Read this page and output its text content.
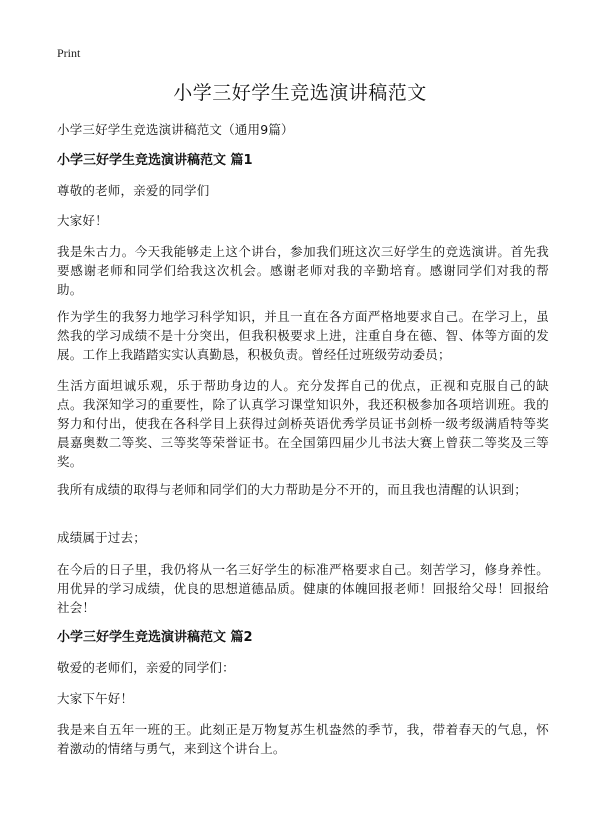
Print
小学三好学生竞选演讲稿范文
小学三好学生竞选演讲稿范文（通用9篇）
小学三好学生竞选演讲稿范文 篇1
尊敬的老师，亲爱的同学们
大家好！
我是朱古力。今天我能够走上这个讲台，参加我们班这次三好学生的竞选演讲。首先我要感谢老师和同学们给我这次机会。感谢老师对我的辛勤培育。感谢同学们对我的帮助。
作为学生的我努力地学习科学知识，并且一直在各方面严格地要求自己。在学习上，虽然我的学习成绩不是十分突出，但我积极要求上进，注重自身在德、智、体等方面的发展。工作上我踏踏实实认真勤恳，积极负责。曾经任过班级劳动委员；
生活方面坦诚乐观，乐于帮助身边的人。充分发挥自己的优点，正视和克服自己的缺点。我深知学习的重要性，除了认真学习课堂知识外，我还积极参加各项培训班。我的努力和付出，使我在各科学目上获得过剑桥英语优秀学员证书剑桥一级考级满盾特等奖晨嘉奥数二等奖、三等奖等荣誉证书。在全国第四届少儿书法大赛上曾获二等奖及三等奖。
我所有成绩的取得与老师和同学们的大力帮助是分不开的，而且我也清醒的认识到；
成绩属于过去；
在今后的日子里，我仍将从一名三好学生的标准严格要求自己。刻苦学习，修身养性。用优异的学习成绩，优良的思想道德品质。健康的体魄回报老师！回报给父母！回报给社会！
小学三好学生竞选演讲稿范文 篇2
敬爱的老师们，亲爱的同学们：
大家下午好！
我是来自五年一班的王。此刻正是万物复苏生机盎然的季节，我，带着春天的气息，怀着激动的情绪与勇气，来到这个讲台上。
